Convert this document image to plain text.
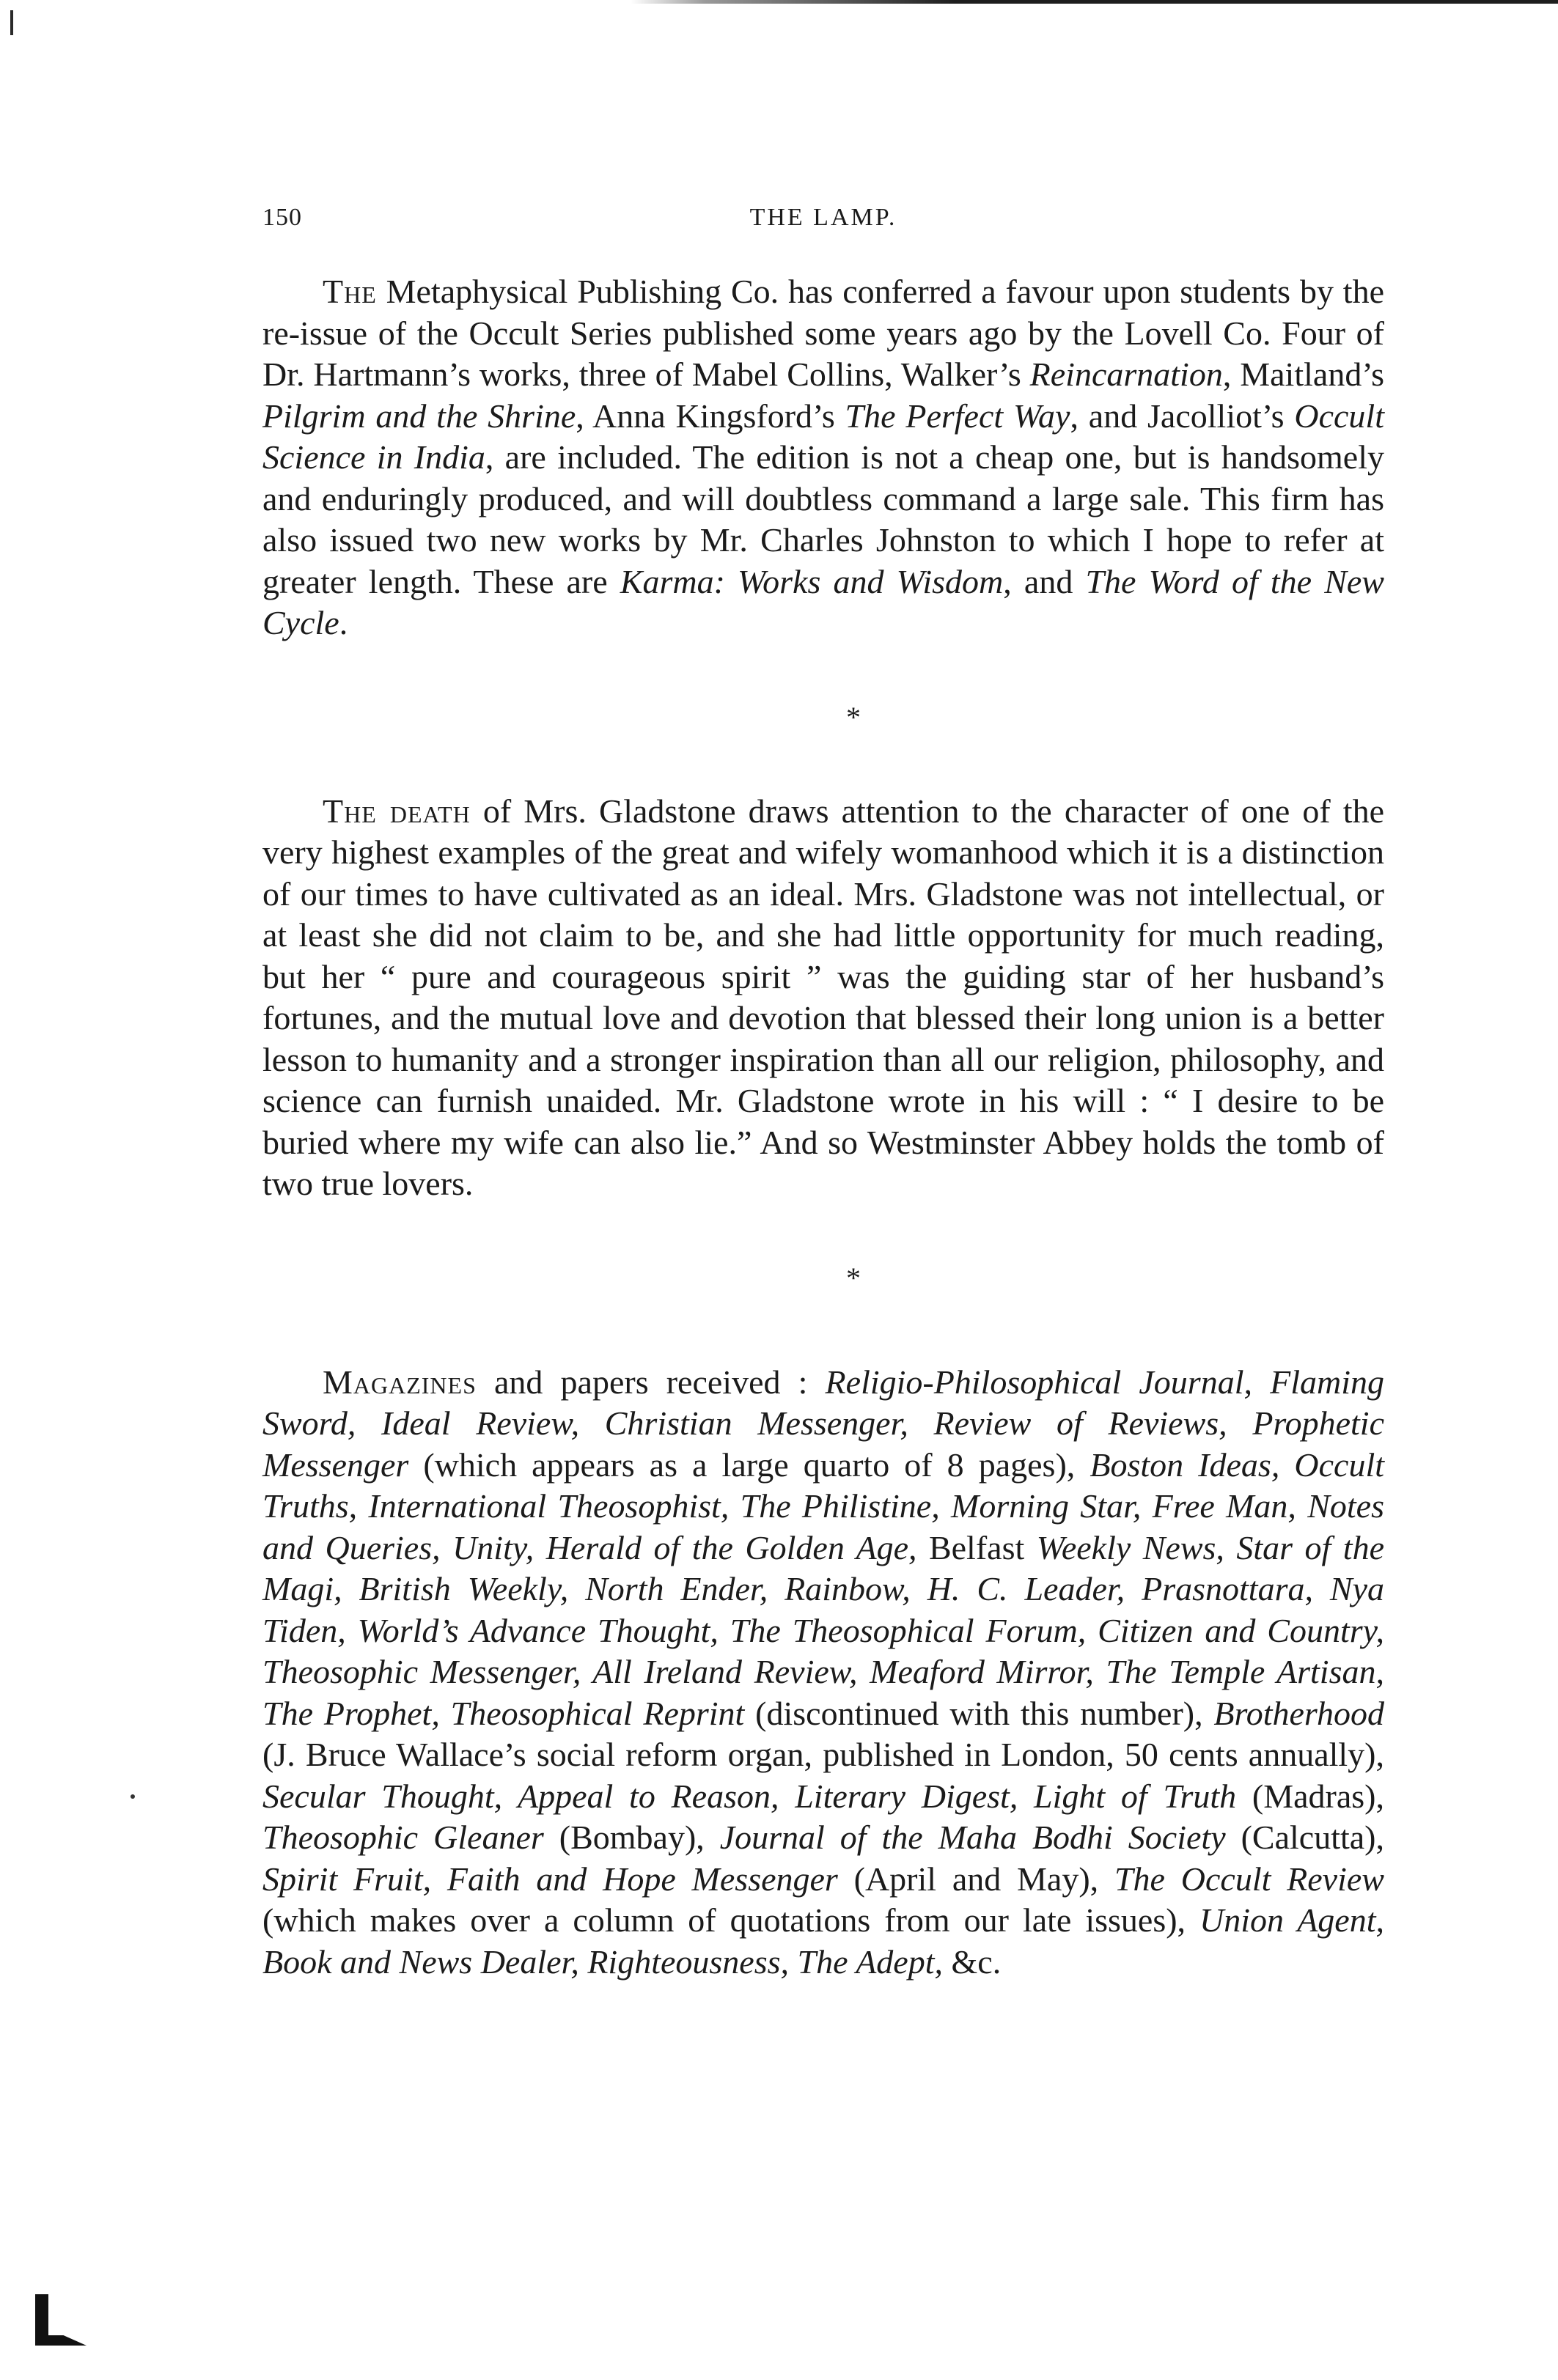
150	THE LAMP.

The Metaphysical Publishing Co. has conferred a favour upon students by the re-issue of the Occult Series published some years ago by the Lovell Co. Four of Dr. Hartmann’s works, three of Mabel Collins, Walker’s Reincarnation, Maitland’s Pilgrim and the Shrine, Anna Kingsford’s The Perfect Way, and Jacolliot’s Occult Science in India, are included. The edition is not a cheap one, but is handsomely and enduringly produced, and will doubtless command a large sale. This firm has also issued two new works by Mr. Charles Johnston to which I hope to refer at greater length. These are Karma: Works and Wisdom, and The Word of the New Cycle.

*

The death of Mrs. Gladstone draws attention to the character of one of the very highest examples of the great and wifely womanhood which it is a distinction of our times to have cultivated as an ideal. Mrs. Gladstone was not intellectual, or at least she did not claim to be, and she had little opportunity for much reading, but her “ pure and courageous spirit ” was the guiding star of her husband’s fortunes, and the mutual love and devotion that blessed their long union is a better lesson to humanity and a stronger inspiration than all our religion, philosophy, and science can furnish unaided. Mr. Gladstone wrote in his will : “ I desire to be buried where my wife can also lie.” And so Westminster Abbey holds the tomb of two true lovers.

*

Magazines and papers received : Religio-Philosophical Journal, Flaming Sword, Ideal Review, Christian Messenger, Review of Reviews, Prophetic Messenger (which appears as a large quarto of 8 pages), Boston Ideas, Occult Truths, International Theosophist, The Philistine, Morning Star, Free Man, Notes and Queries, Unity, Herald of the Golden Age, Belfast Weekly News, Star of the Magi, British Weekly, North Ender, Rainbow, H. C. Leader, Prasnottara, Nya Tiden, World’s Advance Thought, The Theosophical Forum, Citizen and Country, Theosophic Messenger, All Ireland Review, Meaford Mirror, The Temple Artisan, The Prophet, Theosophical Reprint (discontinued with this number), Brotherhood (J. Bruce Wallace’s social reform organ, published in London, 50 cents annually), Secular Thought, Appeal to Reason, Literary Digest, Light of Truth (Madras), Theosophic Gleaner (Bombay), Journal of the Maha Bodhi Society (Calcutta), Spirit Fruit, Faith and Hope Messenger (April and May), The Occult Review (which makes over a column of quotations from our late issues), Union Agent, Book and News Dealer, Righteousness, The Adept, &c.
